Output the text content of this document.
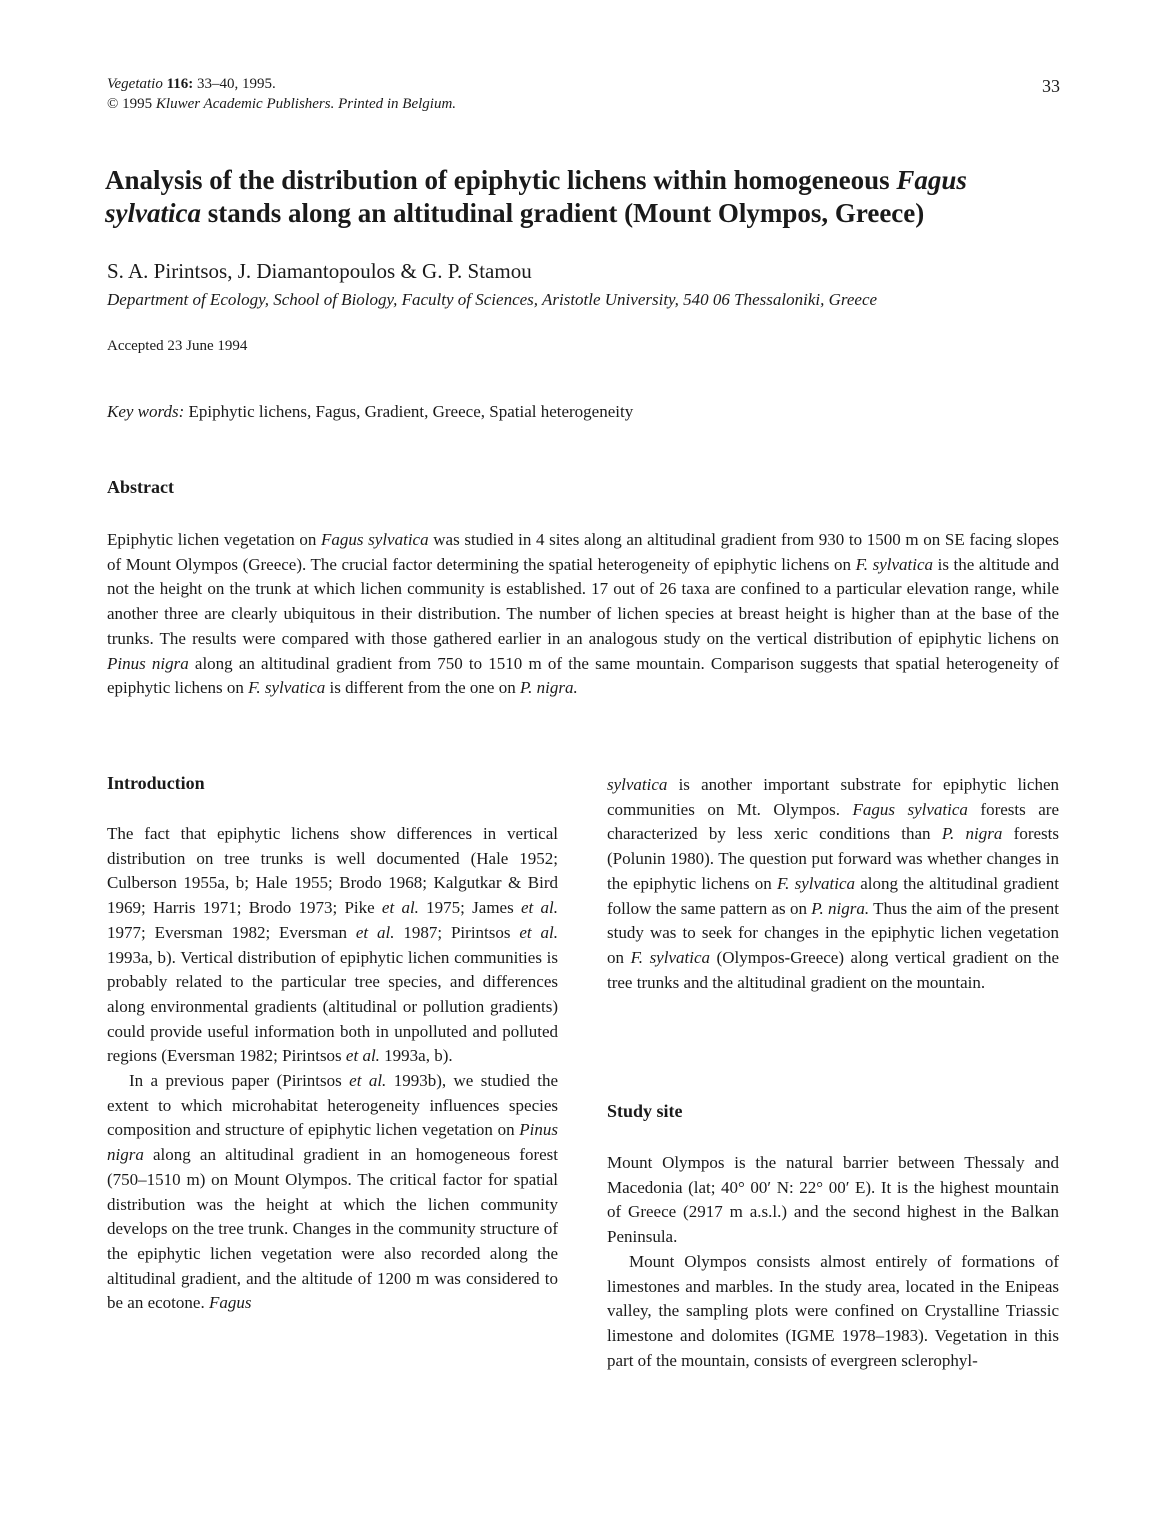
Vegetatio 116: 33–40, 1995.
© 1995 Kluwer Academic Publishers. Printed in Belgium.
33
Analysis of the distribution of epiphytic lichens within homogeneous Fagus sylvatica stands along an altitudinal gradient (Mount Olympos, Greece)
S. A. Pirintsos, J. Diamantopoulos & G. P. Stamou
Department of Ecology, School of Biology, Faculty of Sciences, Aristotle University, 540 06 Thessaloniki, Greece
Accepted 23 June 1994
Key words: Epiphytic lichens, Fagus, Gradient, Greece, Spatial heterogeneity
Abstract
Epiphytic lichen vegetation on Fagus sylvatica was studied in 4 sites along an altitudinal gradient from 930 to 1500 m on SE facing slopes of Mount Olympos (Greece). The crucial factor determining the spatial heterogeneity of epiphytic lichens on F. sylvatica is the altitude and not the height on the trunk at which lichen community is established. 17 out of 26 taxa are confined to a particular elevation range, while another three are clearly ubiquitous in their distribution. The number of lichen species at breast height is higher than at the base of the trunks. The results were compared with those gathered earlier in an analogous study on the vertical distribution of epiphytic lichens on Pinus nigra along an altitudinal gradient from 750 to 1510 m of the same mountain. Comparison suggests that spatial heterogeneity of epiphytic lichens on F. sylvatica is different from the one on P. nigra.
Introduction

The fact that epiphytic lichens show differences in vertical distribution on tree trunks is well documented (Hale 1952; Culberson 1955a, b; Hale 1955; Brodo 1968; Kalgutkar & Bird 1969; Harris 1971; Brodo 1973; Pike et al. 1975; James et al. 1977; Eversman 1982; Eversman et al. 1987; Pirintsos et al. 1993a, b). Vertical distribution of epiphytic lichen communities is probably related to the particular tree species, and differences along environmental gradients (altitudinal or pollution gradients) could provide useful information both in unpolluted and polluted regions (Eversman 1982; Pirintsos et al. 1993a, b).

In a previous paper (Pirintsos et al. 1993b), we studied the extent to which microhabitat heterogeneity influences species composition and structure of epiphytic lichen vegetation on Pinus nigra along an altitudinal gradient in an homogeneous forest (750–1510 m) on Mount Olympos. The critical factor for spatial distribution was the height at which the lichen community develops on the tree trunk. Changes in the community structure of the epiphytic lichen vegetation were also recorded along the altitudinal gradient, and the altitude of 1200 m was considered to be an ecotone. Fagus

sylvatica is another important substrate for epiphytic lichen communities on Mt. Olympos. Fagus sylvatica forests are characterized by less xeric conditions than P. nigra forests (Polunin 1980). The question put forward was whether changes in the epiphytic lichens on F. sylvatica along the altitudinal gradient follow the same pattern as on P. nigra. Thus the aim of the present study was to seek for changes in the epiphytic lichen vegetation on F. sylvatica (Olympos-Greece) along vertical gradient on the tree trunks and the altitudinal gradient on the mountain.

Study site

Mount Olympos is the natural barrier between Thessaly and Macedonia (lat; 40° 00′ N: 22° 00′ E). It is the highest mountain of Greece (2917 m a.s.l.) and the second highest in the Balkan Peninsula.

Mount Olympos consists almost entirely of formations of limestones and marbles. In the study area, located in the Enipeas valley, the sampling plots were confined on Crystalline Triassic limestone and dolomites (IGME 1978–1983). Vegetation in this part of the mountain, consists of evergreen sclerophyl-
